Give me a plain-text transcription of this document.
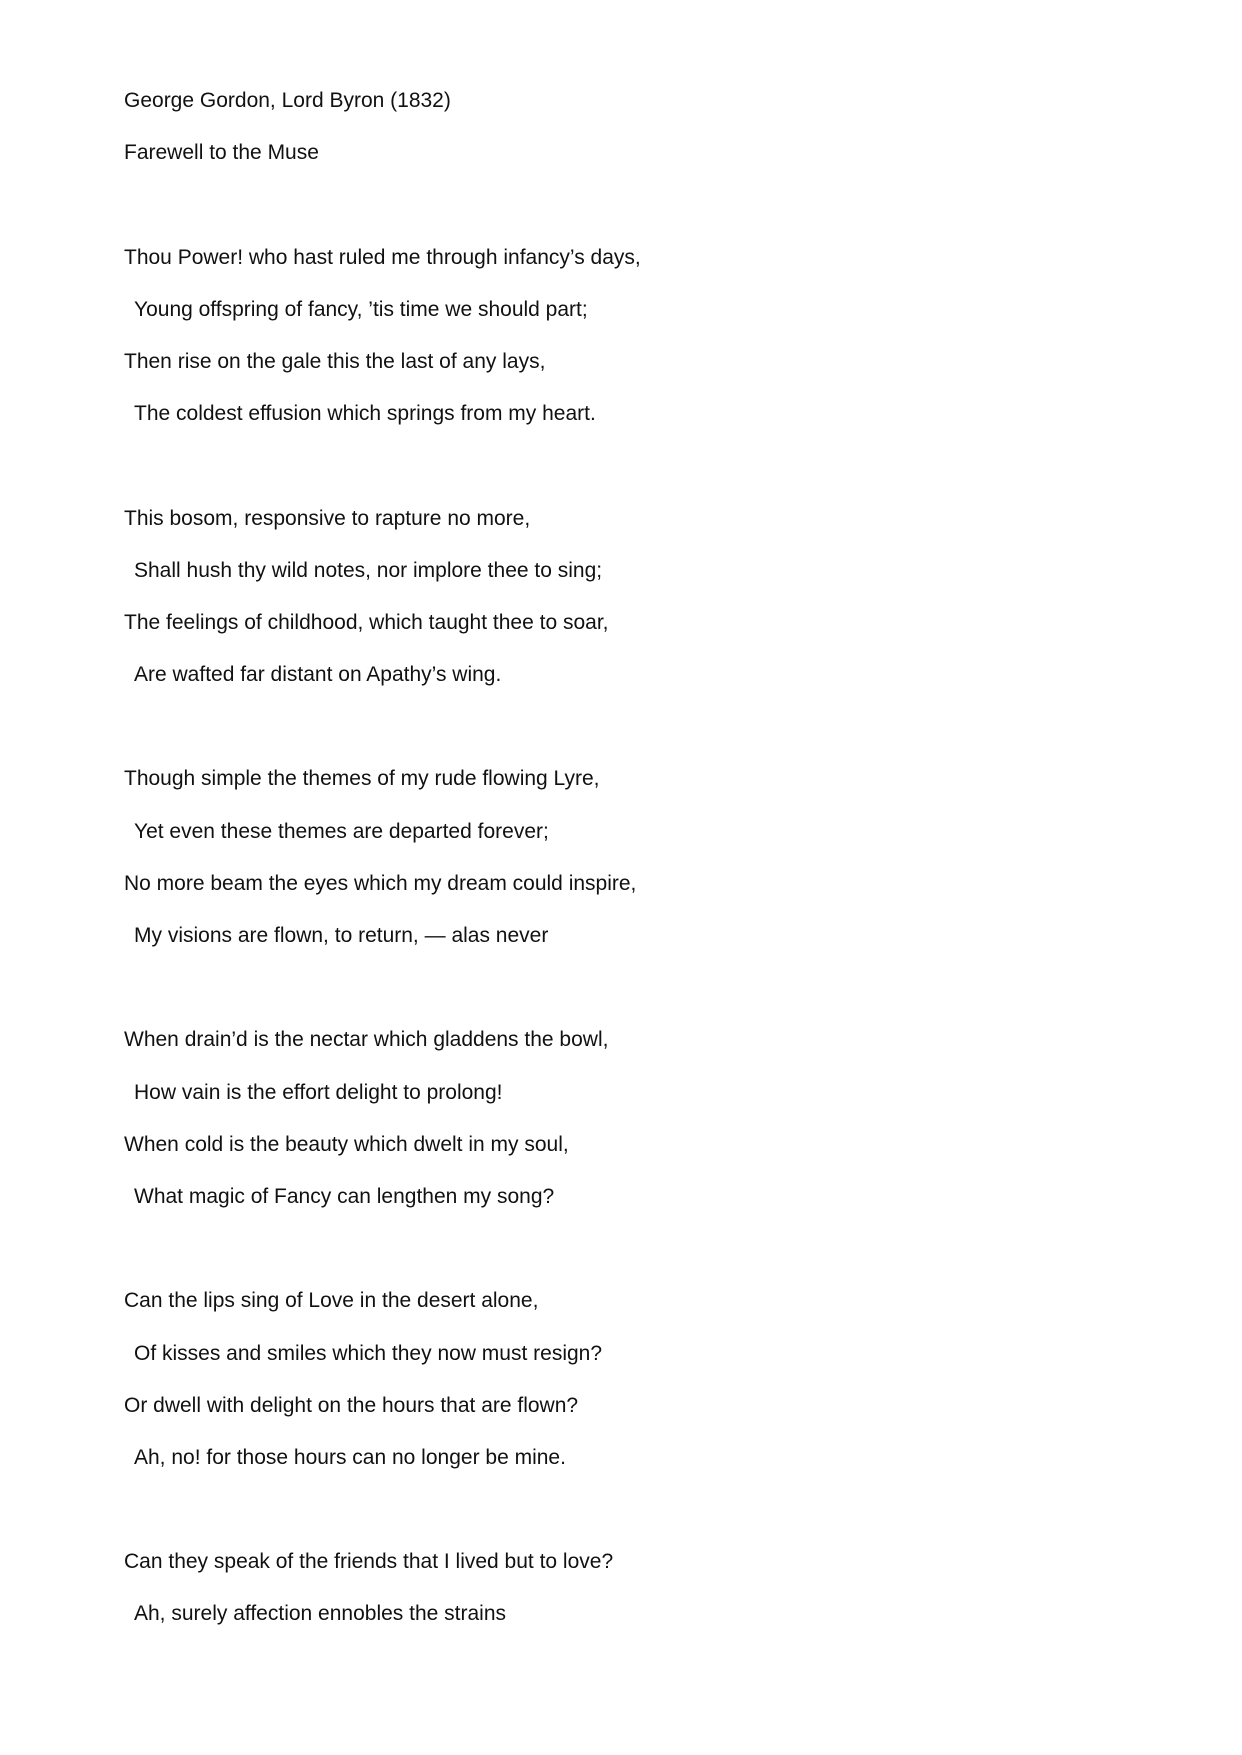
George Gordon, Lord Byron (1832)
Farewell to the Muse
Thou Power! who hast ruled me through infancy’s days,
Young offspring of fancy, ’tis time we should part;
Then rise on the gale this the last of any lays,
The coldest effusion which springs from my heart.
This bosom, responsive to rapture no more,
Shall hush thy wild notes, nor implore thee to sing;
The feelings of childhood, which taught thee to soar,
Are wafted far distant on Apathy’s wing.
Though simple the themes of my rude flowing Lyre,
Yet even these themes are departed forever;
No more beam the eyes which my dream could inspire,
My visions are flown, to return, — alas never
When drain’d is the nectar which gladdens the bowl,
How vain is the effort delight to prolong!
When cold is the beauty which dwelt in my soul,
What magic of Fancy can lengthen my song?
Can the lips sing of Love in the desert alone,
Of kisses and smiles which they now must resign?
Or dwell with delight on the hours that are flown?
Ah, no! for those hours can no longer be mine.
Can they speak of the friends that I lived but to love?
Ah, surely affection ennobles the strains
